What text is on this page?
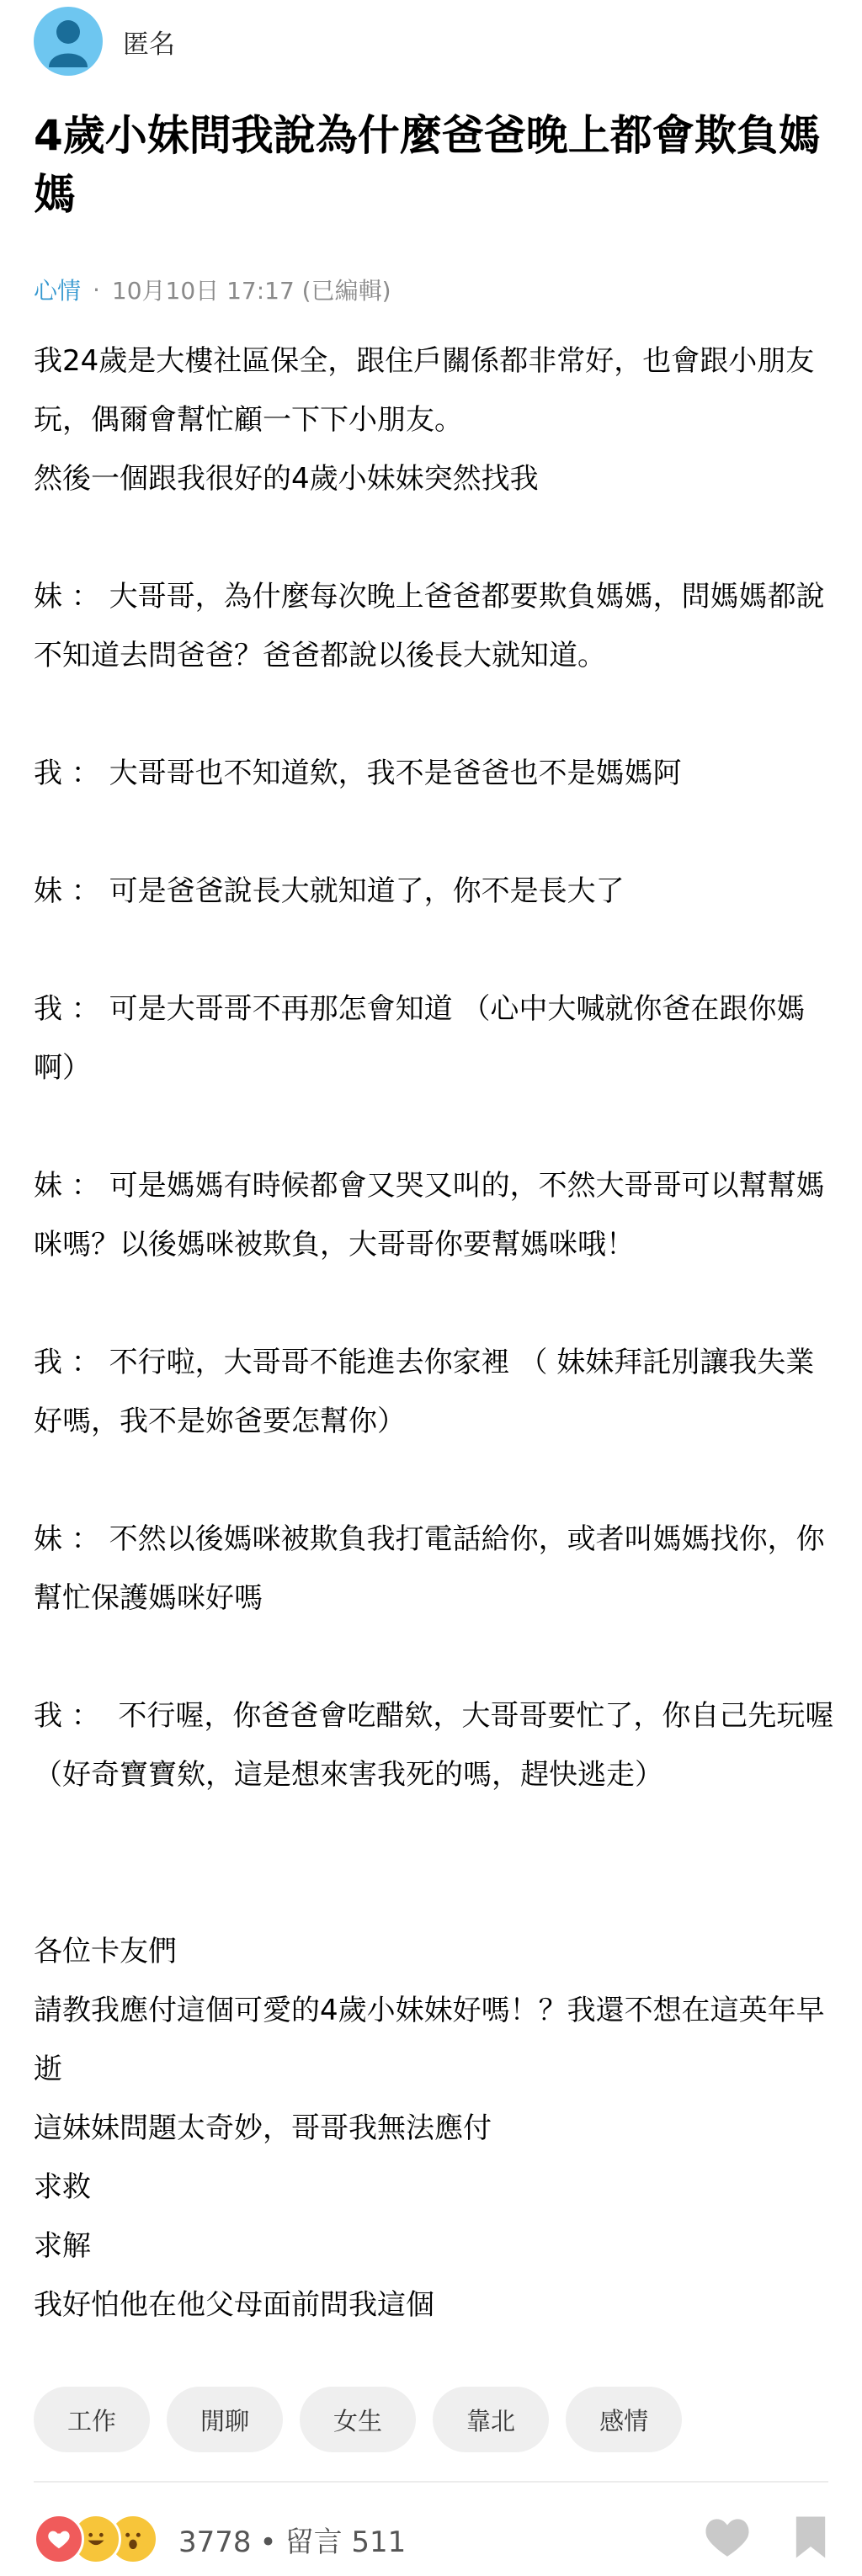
匿名
4歲小妹問我說為什麼爸爸晚上都會欺負媽媽
心情 · 10月10日 17:17 (已編輯)

我24歲是大樓社區保全，跟住戶關係都非常好，也會跟小朋友玩，偶爾會幫忙顧一下下小朋友。

然後一個跟我很好的4歲小妹妹突然找我

妹 ： 大哥哥，為什麼每次晚上爸爸都要欺負媽媽，問媽媽都說不知道去問爸爸？爸爸都說以後長大就知道。

我 ： 大哥哥也不知道欸，我不是爸爸也不是媽媽阿

妹 ： 可是爸爸說長大就知道了，你不是長大了

我 ： 可是大哥哥不再那怎會知道 （心中大喊就你爸在跟你媽啊）

妹 ： 可是媽媽有時候都會又哭又叫的，不然大哥哥可以幫幫媽咪嗎？以後媽咪被欺負，大哥哥你要幫媽咪哦！

我 ： 不行啦，大哥哥不能進去你家裡 （ 妹妹拜託別讓我失業好嗎，我不是妳爸要怎幫你）

妹 ： 不然以後媽咪被欺負我打電話給你，或者叫媽媽找你，你幫忙保護媽咪好嗎

我 ：  不行喔，你爸爸會吃醋欸，大哥哥要忙了，你自己先玩喔 （好奇寶寶欸，這是想來害我死的嗎，趕快逃走）

各位卡友們

請教我應付這個可愛的4歲小妹妹好嗎！？我還不想在這英年早逝

這妹妹問題太奇妙，哥哥我無法應付

求救

求解

我好怕他在他父母面前問我這個

工作	閒聊	女生	靠北	感情
3778 • 留言 511
